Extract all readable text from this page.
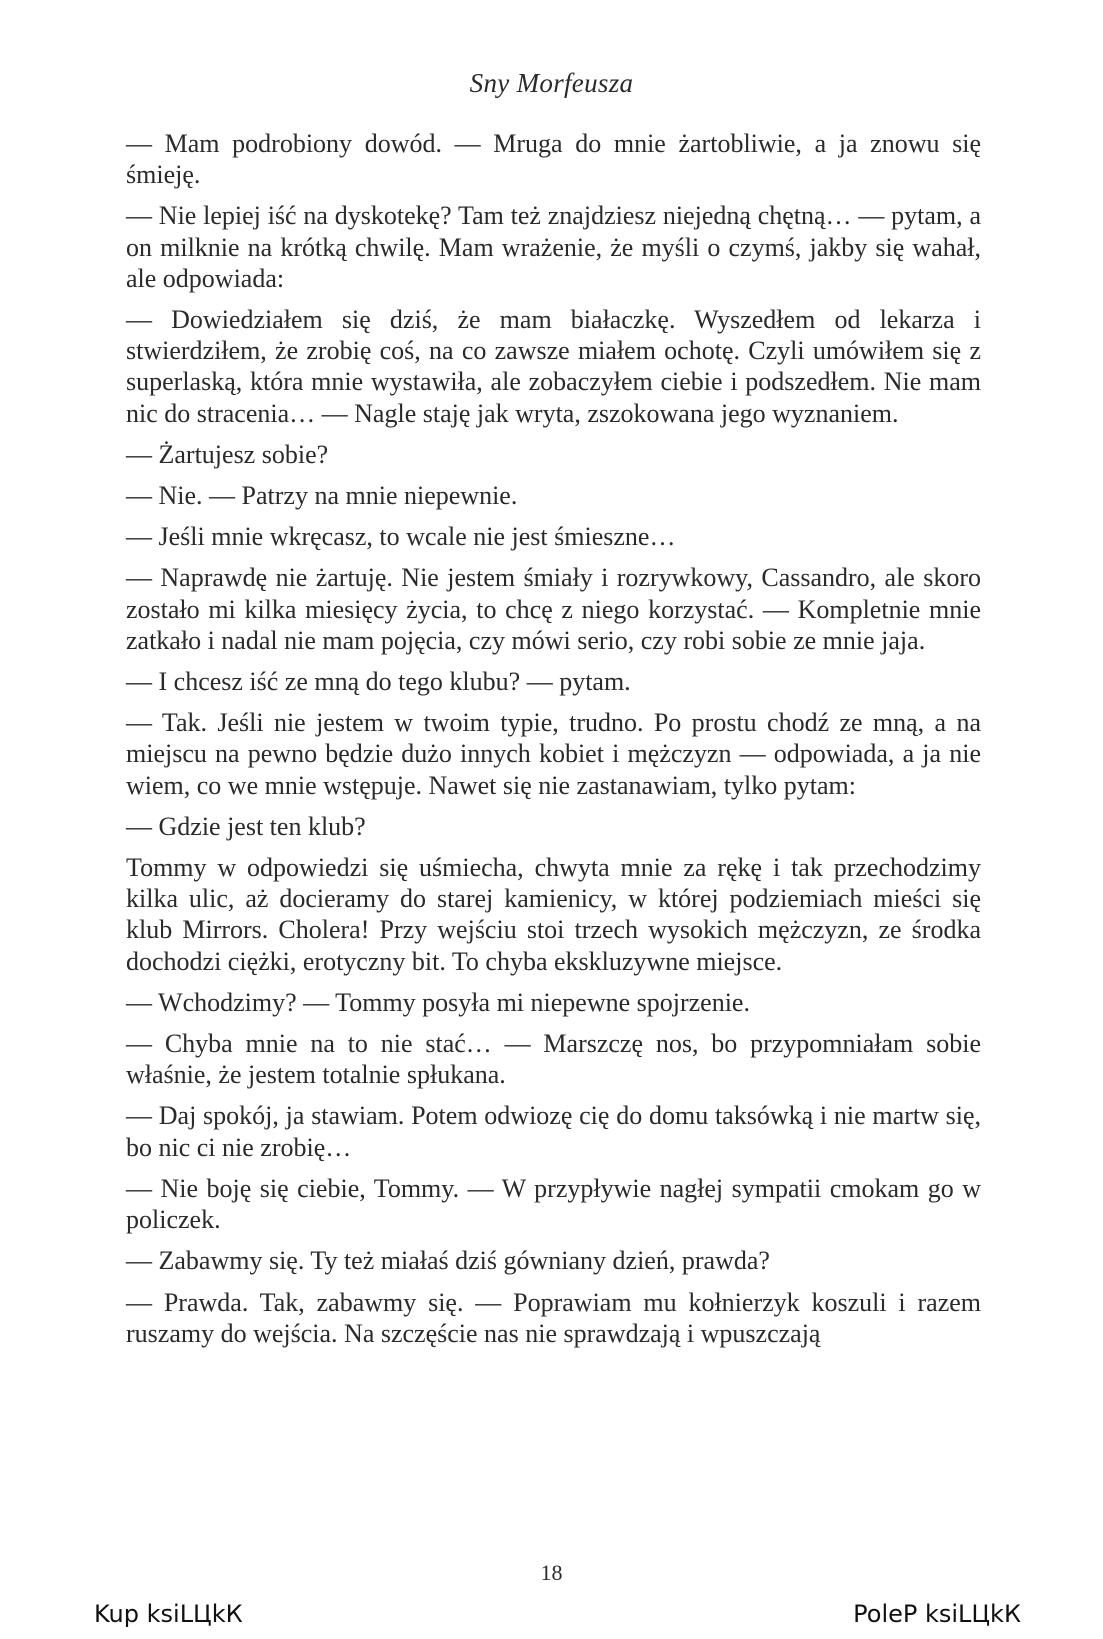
Sny Morfeusza

— Mam podrobiony dowód. — Mruga do mnie żartobliwie, a ja znowu się śmieję.

— Nie lepiej iść na dyskotekę? Tam też znajdziesz niejedną chętną… — pytam, a on milknie na krótką chwilę. Mam wrażenie, że myśli o czymś, jakby się wahał, ale odpowiada:

— Dowiedziałem się dziś, że mam białaczkę. Wyszedłem od lekarza i stwierdziłem, że zrobię coś, na co zawsze miałem ochotę. Czyli umówiłem się z superlaską, która mnie wystawiła, ale zobaczyłem ciebie i podszedłem. Nie mam nic do stracenia… — Nagle staję jak wryta, zszokowana jego wyznaniem.

— Żartujesz sobie?

— Nie. — Patrzy na mnie niepewnie.

— Jeśli mnie wkręcasz, to wcale nie jest śmieszne…

— Naprawdę nie żartuję. Nie jestem śmiały i rozrywkowy, Cassandro, ale skoro zostało mi kilka miesięcy życia, to chcę z niego korzystać. — Kompletnie mnie zatkało i nadal nie mam pojęcia, czy mówi serio, czy robi sobie ze mnie jaja.

— I chcesz iść ze mną do tego klubu? — pytam.

— Tak. Jeśli nie jestem w twoim typie, trudno. Po prostu chodź ze mną, a na miejscu na pewno będzie dużo innych kobiet i mężczyzn — odpowiada, a ja nie wiem, co we mnie wstępuje. Nawet się nie zastanawiam, tylko pytam:

— Gdzie jest ten klub?

Tommy w odpowiedzi się uśmiecha, chwyta mnie za rękę i tak przechodzimy kilka ulic, aż docieramy do starej kamienicy, w której podziemiach mieści się klub Mirrors. Cholera! Przy wejściu stoi trzech wysokich mężczyzn, ze środka dochodzi ciężki, erotyczny bit. To chyba ekskluzywne miejsce.

— Wchodzimy? — Tommy posyła mi niepewne spojrzenie.

— Chyba mnie na to nie stać… — Marszczę nos, bo przypomniałam sobie właśnie, że jestem totalnie spłukana.

— Daj spokój, ja stawiam. Potem odwiozę cię do domu taksówką i nie martw się, bo nic ci nie zrobię…

— Nie boję się ciebie, Tommy. — W przypływie nagłej sympatii cmokam go w policzek.

— Zabawmy się. Ty też miałaś dziś gówniany dzień, prawda?

— Prawda. Tak, zabawmy się. — Poprawiam mu kołnierzyk koszuli i razem ruszamy do wejścia. Na szczęście nas nie sprawdzają i wpuszczają

18
Kup ksiLЦkК	PoleР ksiLЦkК
